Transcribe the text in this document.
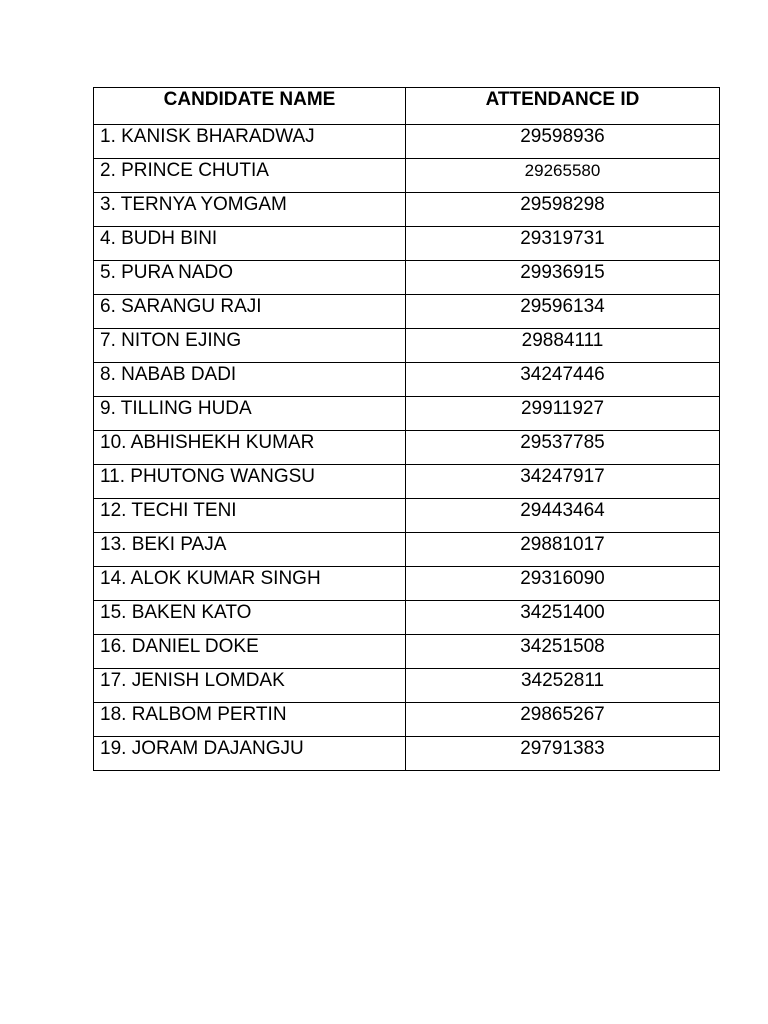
CANDIDATE NAME	ATTENDANCE ID
1. KANISK BHARADWAJ	29598936
2. PRINCE CHUTIA	29265580
3. TERNYA YOMGAM	29598298
4. BUDH BINI	29319731
5. PURA NADO	29936915
6. SARANGU RAJI	29596134
7. NITON EJING	29884111
8. NABAB DADI	34247446
9. TILLING HUDA	29911927
10. ABHISHEKH KUMAR	29537785
11. PHUTONG WANGSU	34247917
12. TECHI TENI	29443464
13. BEKI PAJA	29881017
14. ALOK KUMAR SINGH	29316090
15. BAKEN KATO	34251400
16. DANIEL DOKE	34251508
17. JENISH LOMDAK	34252811
18. RALBOM PERTIN	29865267
19. JORAM DAJANGJU	29791383
